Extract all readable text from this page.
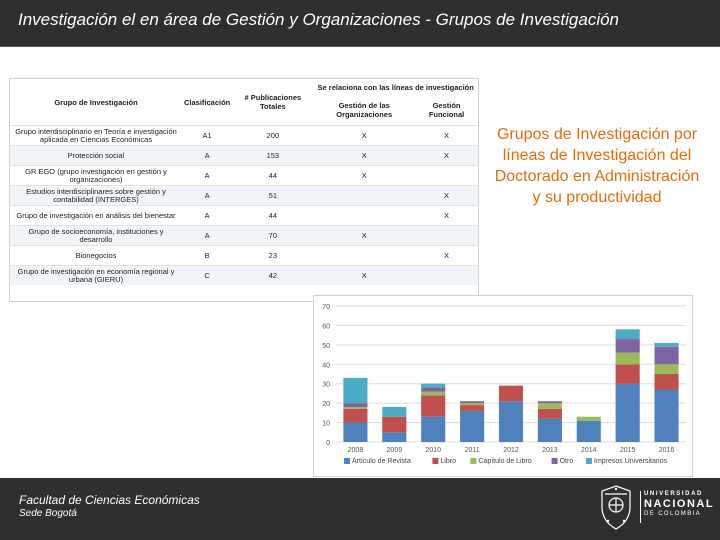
Investigación el en área de Gestión y Organizaciones - Grupos de Investigación
Grupo de Investigación	Clasificación	# Publicaciones Totales	Se relaciona con las líneas de investigación	
			Gestión de las Organizaciones	Gestión Funcional
Grupo interdisciplinario en Teoría e investigación aplicada en Ciencias Económicas	A1	200	X	X
Protección social	A	153	X	X
GR EGO (grupo investigación en gestión y organizaciones)	A	44	X	
Estudios interdisciplinares sobre gestión y contabilidad (INTERGES)	A	51		X
Grupo de investigación en análisis del bienestar	A	44		X
Grupo de socioeconomía, instituciones y desarrollo	A	70	X	
Bionegocios	B	23		X
Grupo de investigación en economía regional y urbana (GIERU)	C	42	X	
Grupos de Investigación por líneas de Investigación del Doctorado en Administración y su productividad
0
10
20
30
40
50
60
70
2008	2009	2010	2011	2012	2013	2014	2015	2016
Artículo de Revista	Libro	Capítulo de Libro	Otro	Impresos Universitarios
Facultad de Ciencias Económicas
Sede Bogotá
UNIVERSIDAD
NACIONAL
DE COLOMBIA
